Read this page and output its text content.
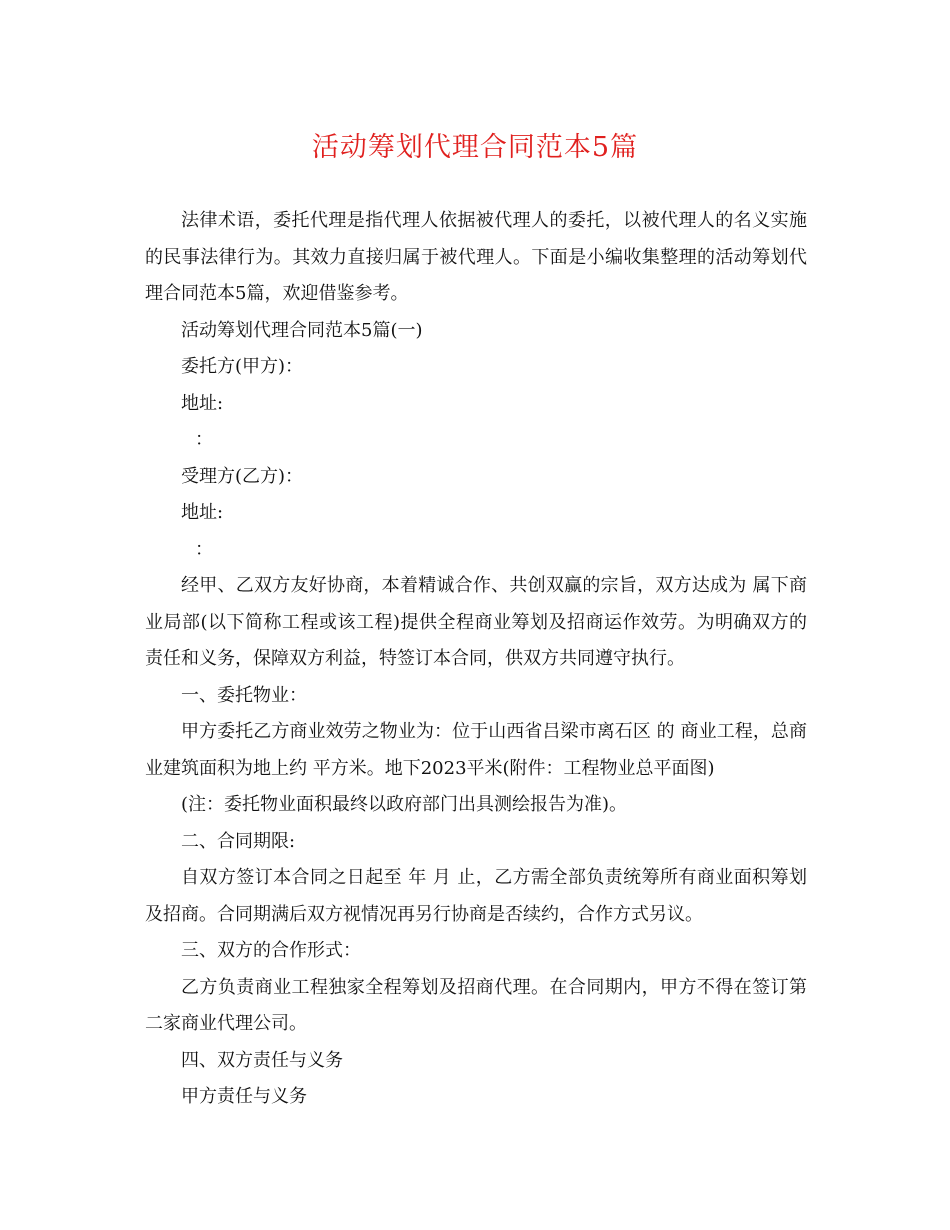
活动筹划代理合同范本5篇

法律术语，委托代理是指代理人依据被代理人的委托，以被代理人的名义实施的民事法律行为。其效力直接归属于被代理人。下面是小编收集整理的活动筹划代理合同范本5篇，欢迎借鉴参考。

活动筹划代理合同范本5篇(一)

委托方(甲方)：

地址:

：

受理方(乙方)：

地址:

：

经甲、乙双方友好协商，本着精诚合作、共创双赢的宗旨，双方达成为 属下商业局部(以下简称工程或该工程)提供全程商业筹划及招商运作效劳。为明确双方的责任和义务，保障双方利益，特签订本合同，供双方共同遵守执行。

一、委托物业：

甲方委托乙方商业效劳之物业为：位于山西省吕梁市离石区 的 商业工程，总商业建筑面积为地上约 平方米。地下2023平米(附件：工程物业总平面图)

(注：委托物业面积最终以政府部门出具测绘报告为准)。

二、合同期限:

自双方签订本合同之日起至 年 月 止，乙方需全部负责统筹所有商业面积筹划及招商。合同期满后双方视情况再另行协商是否续约，合作方式另议。

三、双方的合作形式：

乙方负责商业工程独家全程筹划及招商代理。在合同期内，甲方不得在签订第二家商业代理公司。

四、双方责任与义务

甲方责任与义务
